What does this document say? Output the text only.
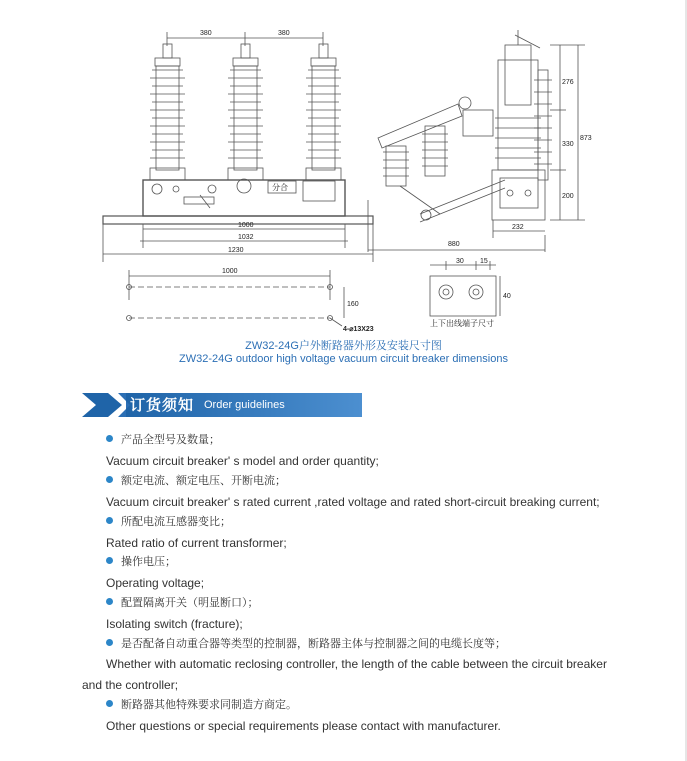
380	380
分合
1000
1032
1230
1000
160
4-⌀13X23
276
330
200
873
232
880
30 15
40
上下出线端子尺寸
ZW32-24G户外断路器外形及安装尺寸图
ZW32-24G outdoor high voltage vacuum circuit breaker dimensions
订货须知 Order guidelines
产品全型号及数量；
Vacuum circuit breaker' s model and order quantity;
额定电流、额定电压、开断电流；
Vacuum circuit breaker' s rated current ,rated voltage and rated short-circuit breaking current;
所配电流互感器变比；
Rated ratio of current transformer;
操作电压；
Operating voltage;
配置隔离开关（明显断口）；
Isolating switch (fracture);
是否配备自动重合器等类型的控制器，断路器主体与控制器之间的电缆长度等；
Whether with automatic reclosing controller, the length of the cable between the circuit breaker
and the controller;
断路器其他特殊要求同制造方商定。
Other questions or special requirements please contact with manufacturer.
